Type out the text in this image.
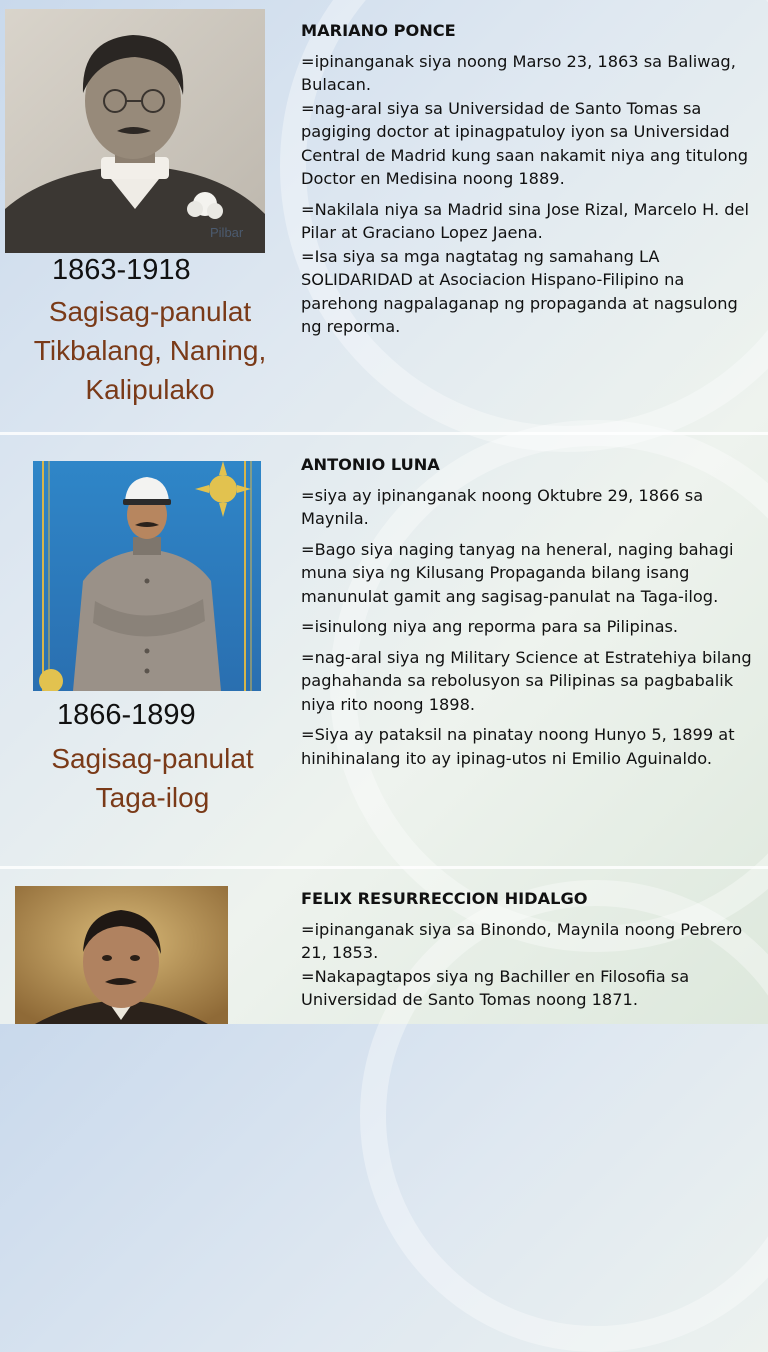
Pilbar
1863-1918
Sagisag-panulat
Tikbalang, Naning,
Kalipulako
MARIANO PONCE

=ipinanganak siya noong Marso 23, 1863 sa Baliwag, Bulacan.

=nag-aral siya sa Universidad de Santo Tomas sa pagiging doctor at ipinagpatuloy iyon sa Universidad Central de Madrid kung saan nakamit niya ang titulong Doctor en Medisina noong 1889.

=Nakilala niya sa Madrid sina Jose Rizal, Marcelo H. del Pilar at Graciano Lopez Jaena.

=Isa siya sa mga nagtatag ng samahang LA SOLIDARIDAD at Asociacion Hispano-Filipino na parehong nagpalaganap ng propaganda at nagsulong ng reporma.

1866-1899
Sagisag-panulat
Taga-ilog
ANTONIO LUNA

=siya ay ipinanganak noong Oktubre 29, 1866 sa Maynila.

=Bago siya naging tanyag na heneral, naging bahagi muna siya ng Kilusang Propaganda bilang isang manunulat gamit ang sagisag-panulat na Taga-ilog.

=isinulong niya ang reporma para sa Pilipinas.

=nag-aral siya ng Military Science at Estratehiya bilang paghahanda sa rebolusyon sa Pilipinas sa pagbabalik niya rito noong 1898.

=Siya ay pataksil na pinatay noong Hunyo 5, 1899 at hinihinalang ito ay ipinag-utos ni Emilio Aguinaldo.

FELIX RESURRECCION HIDALGO

=ipinanganak siya sa Binondo, Maynila noong Pebrero 21, 1853.

=Nakapagtapos siya ng Bachiller en Filosofia sa Universidad de Santo Tomas noong 1871.
